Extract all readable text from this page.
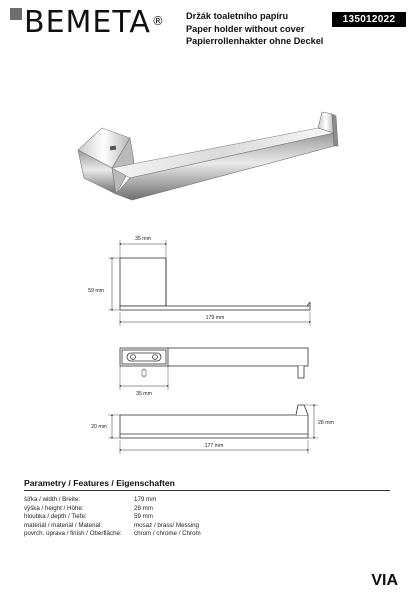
BEMETA® Držák toaletního papíru
Paper holder without cover
Papierrollenhakter ohne Deckel
135012022
35 mm
59 mm
179 mm
35 mm
20 mm
28 mm
177 mm
Parametry / Features / Eigenschaften
šířka / width / Breite:	179 mm
výška / height / Höhe:	28 mm
hloubka / depth / Tiefe:	59 mm
materiál / material / Material:	mosaz / brass/ Messing
povrch. úprava / finish / Oberfläche:	chrom / chrome / Chrom
VIA
